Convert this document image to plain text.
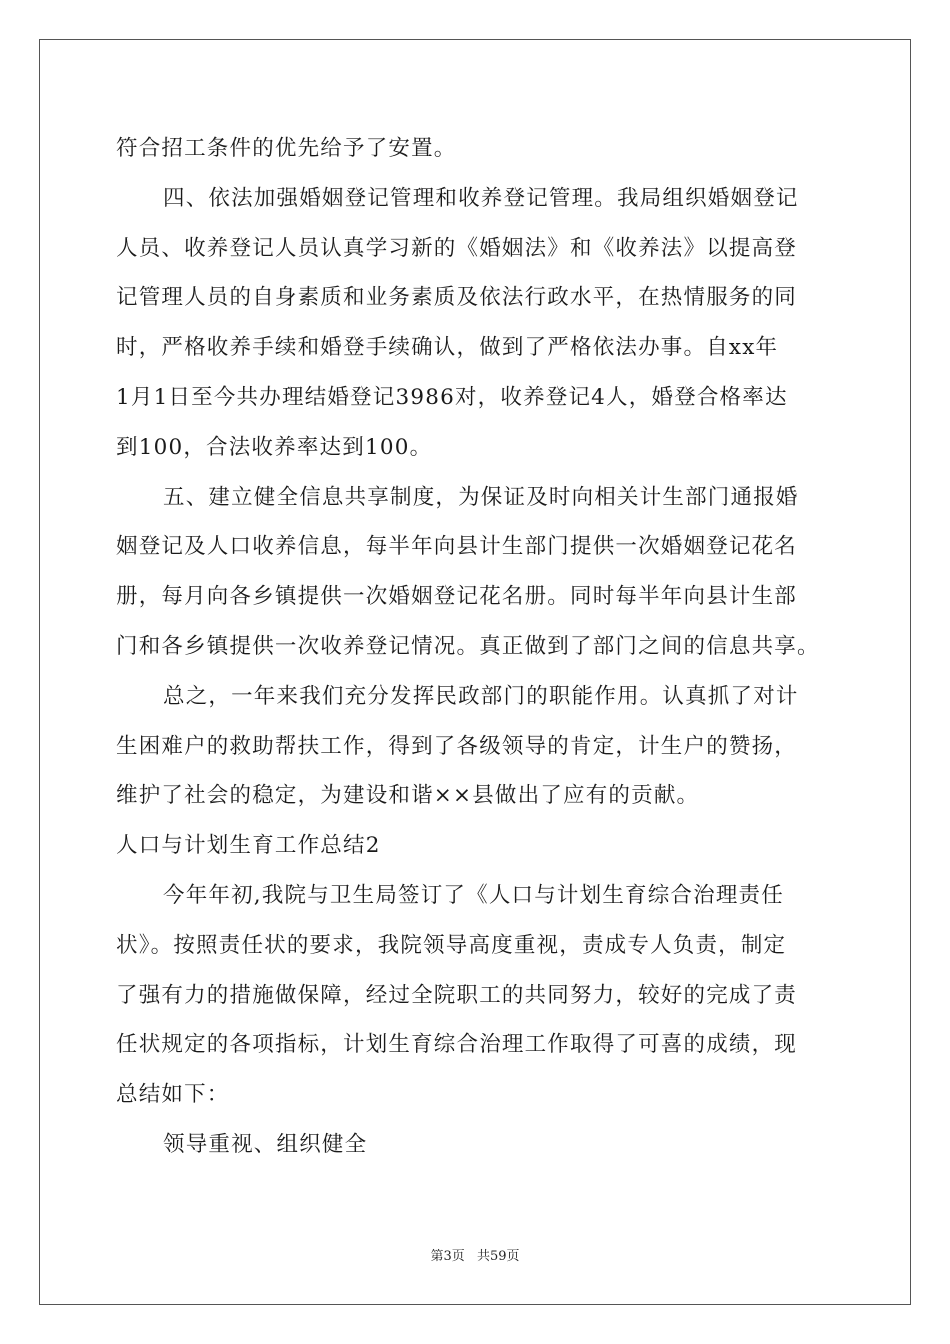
符合招工条件的优先给予了安置。
四、依法加强婚姻登记管理和收养登记管理。我局组织婚姻登记
人员、收养登记人员认真学习新的《婚姻法》和《收养法》以提高登
记管理人员的自身素质和业务素质及依法行政水平，在热情服务的同
时，严格收养手续和婚登手续确认，做到了严格依法办事。自xx年
1月1日至今共办理结婚登记3986对，收养登记4人，婚登合格率达
到100，合法收养率达到100。
五、建立健全信息共享制度，为保证及时向相关计生部门通报婚
姻登记及人口收养信息，每半年向县计生部门提供一次婚姻登记花名
册，每月向各乡镇提供一次婚姻登记花名册。同时每半年向县计生部
门和各乡镇提供一次收养登记情况。真正做到了部门之间的信息共享。
总之，一年来我们充分发挥民政部门的职能作用。认真抓了对计
生困难户的救助帮扶工作，得到了各级领导的肯定，计生户的赞扬，
维护了社会的稳定，为建设和谐××县做出了应有的贡献。
人口与计划生育工作总结2
今年年初,我院与卫生局签订了《人口与计划生育综合治理责任
状》。按照责任状的要求，我院领导高度重视，责成专人负责，制定
了强有力的措施做保障，经过全院职工的共同努力，较好的完成了责
任状规定的各项指标，计划生育综合治理工作取得了可喜的成绩，现
总结如下：
领导重视、组织健全
第3页 共59页
